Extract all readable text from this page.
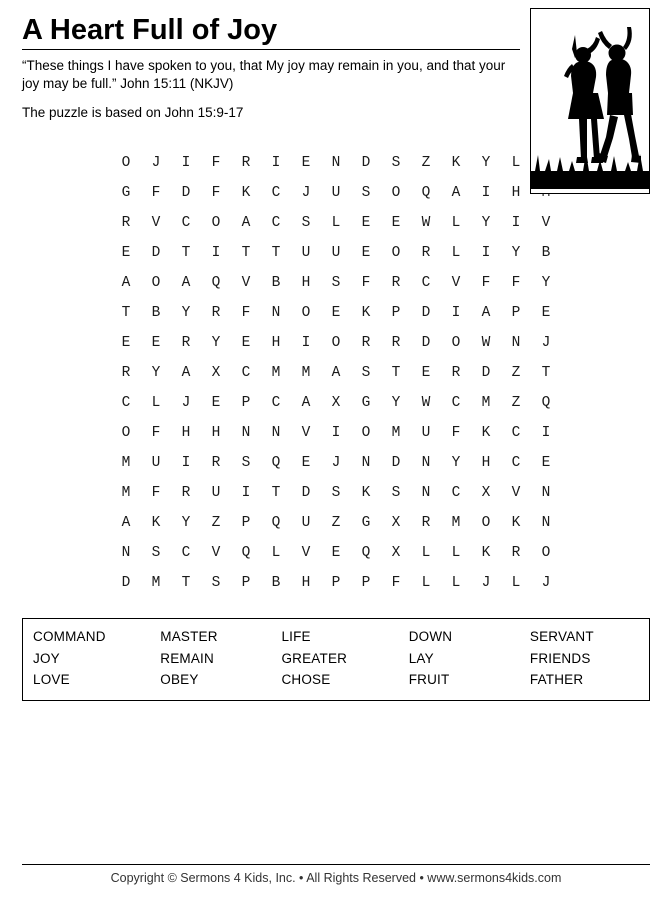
A Heart Full of Joy
“These things I have spoken to you, that My joy may remain in you, and that your joy may be full.” John 15:11 (NKJV)
The puzzle is based on John 15:9-17
O	J	I	F	R	I	E	N	D	S	Z	K	Y	L	
G	F	D	F	K	C	J	U	S	O	Q	A	I	H	
R	V	C	O	A	C	S	L	E	E	W	L	Y	I	V
E	D	T	I	T	T	U	U	E	O	R	L	I	Y	B
A	O	A	Q	V	B	H	S	F	R	C	V	F	F	Y
T	B	Y	R	F	N	O	E	K	P	D	I	A	P	E
E	E	R	Y	E	H	I	O	R	R	D	O	W	N	J
R	Y	A	X	C	M	M	A	S	T	E	R	D	Z	T
C	L	J	E	P	C	A	X	G	Y	W	C	M	Z	Q
O	F	H	H	N	N	V	I	O	M	U	F	K	C	I
M	U	I	R	S	Q	E	J	N	D	N	Y	H	C	E
M	F	R	U	I	T	D	S	K	S	N	C	X	V	N
A	K	Y	Z	P	Q	U	Z	G	X	R	M	O	K	N
N	S	C	V	Q	L	V	E	Q	X	L	L	K	R	O
D	M	T	S	P	B	H	P	P	F	L	L	J	L	J
COMMAND	MASTER	LIFE	DOWN	SERVANT
JOY	REMAIN	GREATER	LAY	FRIENDS
LOVE	OBEY	CHOSE	FRUIT	FATHER
Copyright © Sermons 4 Kids, Inc. • All Rights Reserved • www.sermons4kids.com
